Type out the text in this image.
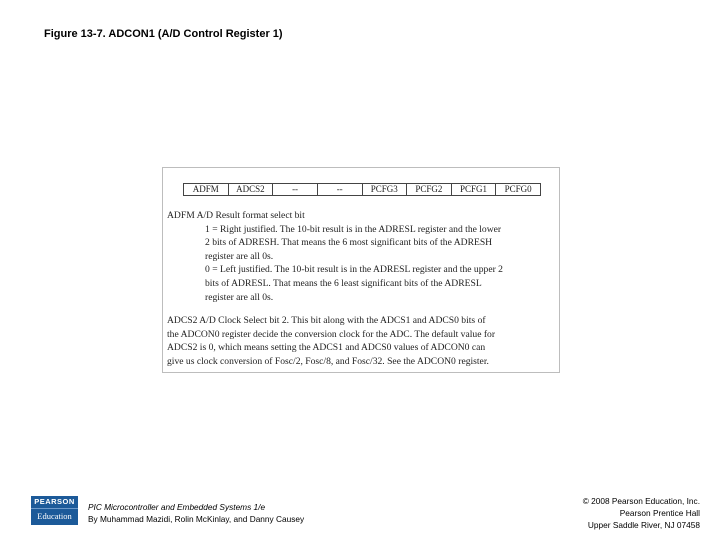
Figure 13-7. ADCON1 (A/D Control Register 1)
ADFM	ADCS2	--	--	PCFG3	PCFG2	PCFG1	PCFG0
ADFM A/D Result format select bit
1 = Right justified. The 10-bit result is in the ADRESL register and the lower
2 bits of ADRESH. That means the 6 most significant bits of the ADRESH
register are all 0s.
0 = Left justified. The 10-bit result is in the ADRESL register and the upper 2
bits of ADRESL. That means the 6 least significant bits of the ADRESL
register are all 0s.
ADCS2 A/D Clock Select bit 2. This bit along with the ADCS1 and ADCS0 bits of
the ADCON0 register decide the conversion clock for the ADC. The default value for
ADCS2 is 0, which means setting the ADCS1 and ADCS0 values of ADCON0 can
give us clock conversion of Fosc/2, Fosc/8, and Fosc/32. See the ADCON0 register.
PEARSON
Education
PIC Microcontroller and Embedded Systems 1/e
By Muhammad Mazidi, Rolin McKinlay, and Danny Causey
© 2008 Pearson Education, Inc.
Pearson Prentice Hall
Upper Saddle River, NJ 07458
